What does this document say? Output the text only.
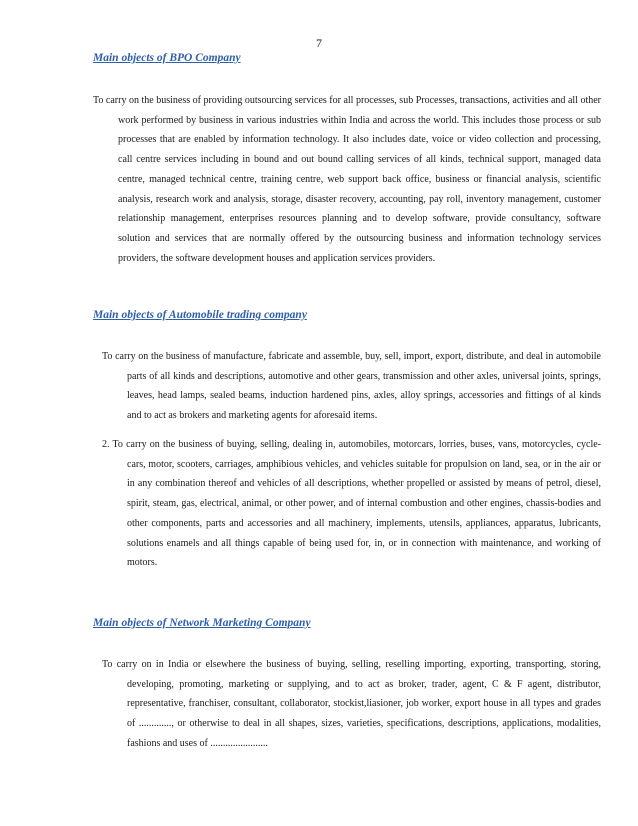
7
Main objects of BPO Company
To carry on the business of providing outsourcing services for all processes, sub Processes, transactions, activities and all other work performed by business in various industries within India and across the world. This includes those process or sub processes that are enabled by information technology. It also includes date, voice or video collection and processing, call centre services including in bound and out bound calling services of all kinds, technical support, managed data centre, managed technical centre, training centre, web support back office, business or financial analysis, scientific analysis, research work and analysis, storage, disaster recovery, accounting, pay roll, inventory management, customer relationship management, enterprises resources planning and to develop software, provide consultancy, software solution and services that are normally offered by the outsourcing business and information technology services providers, the software development houses and application services providers.
Main objects of Automobile trading company
To carry on the business of manufacture, fabricate and assemble, buy, sell, import, export, distribute, and deal in automobile parts of all kinds and descriptions, automotive and other gears, transmission and other axles, universal joints, springs, leaves, head lamps, sealed beams, induction hardened pins, axles, alloy springs, accessories and fittings of al kinds and to act as brokers and marketing agents for aforesaid items.
2. To carry on the business of buying, selling, dealing in, automobiles, motorcars, lorries, buses, vans, motorcycles, cycle-cars, motor, scooters, carriages, amphibious vehicles, and vehicles suitable for propulsion on land, sea, or in the air or in any combination thereof and vehicles of all descriptions, whether propelled or assisted by means of petrol, diesel, spirit, steam, gas, electrical, animal, or other power, and of internal combustion and other engines, chassis-bodies and other components, parts and accessories and all machinery, implements, utensils, appliances, apparatus, lubricants, solutions enamels and all things capable of being used for, in, or in connection with maintenance, and working of motors.
Main objects of Network Marketing Company
To carry on in India or elsewhere the business of buying, selling, reselling importing, exporting, transporting, storing, developing, promoting, marketing or supplying, and to act as broker, trader, agent, C & F agent, distributor, representative, franchiser, consultant, collaborator, stockist,liasioner, job worker, export house in all types and grades of ............., or otherwise to deal in all shapes, sizes, varieties, specifications, descriptions, applications, modalities, fashions and uses of .......................
